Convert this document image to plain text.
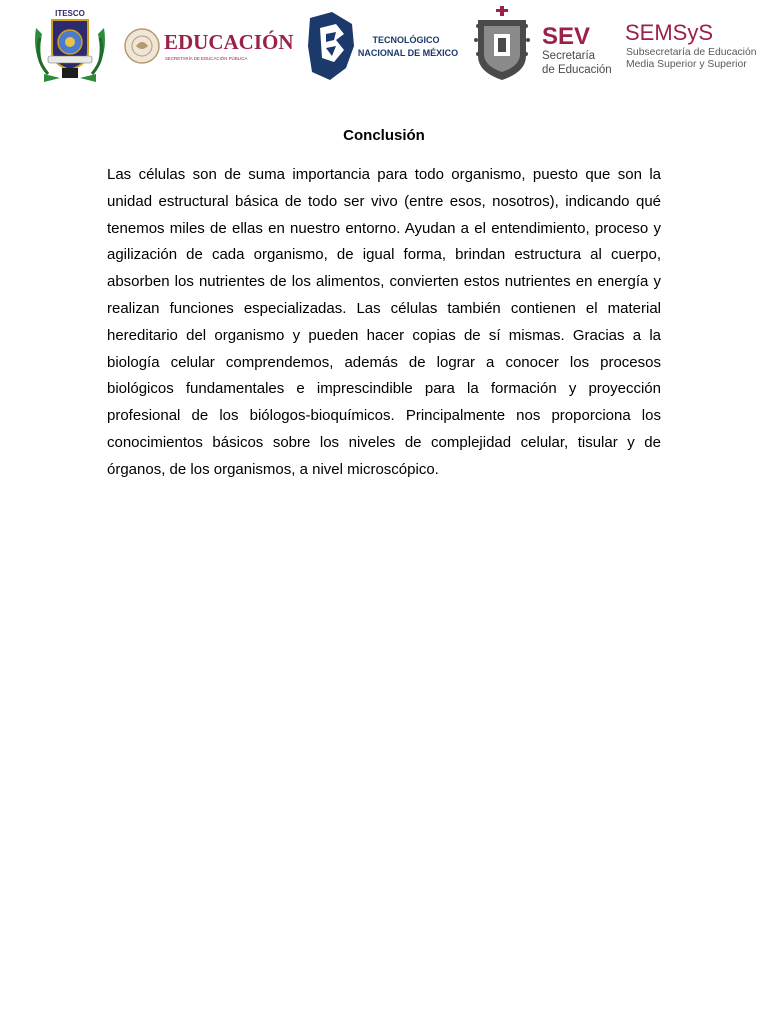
ITESCO
EDUCACIÓN
SECRETARÍA DE EDUCACIÓN PÚBLICA
TECNOLÓGICO
NACIONAL DE MÉXICO
SEV
Secretaría
de Educación
SEMSyS
Subsecretaría de Educación
Media Superior y Superior
Conclusión
Las células son de suma importancia para todo organismo, puesto que son la unidad estructural básica de todo ser vivo (entre esos, nosotros), indicando qué tenemos miles de ellas en nuestro entorno. Ayudan a el entendimiento, proceso y agilización de cada organismo, de igual forma, brindan estructura al cuerpo, absorben los nutrientes de los alimentos, convierten estos nutrientes en energía y realizan funciones especializadas. Las células también contienen el material hereditario del organismo y pueden hacer copias de sí mismas. Gracias a la biología celular comprendemos, además de lograr a conocer los procesos biológicos fundamentales e imprescindible para la formación y proyección profesional de los biólogos-bioquímicos. Principalmente nos proporciona los conocimientos básicos sobre los niveles de complejidad celular, tisular y de órganos, de los organismos, a nivel microscópico.
